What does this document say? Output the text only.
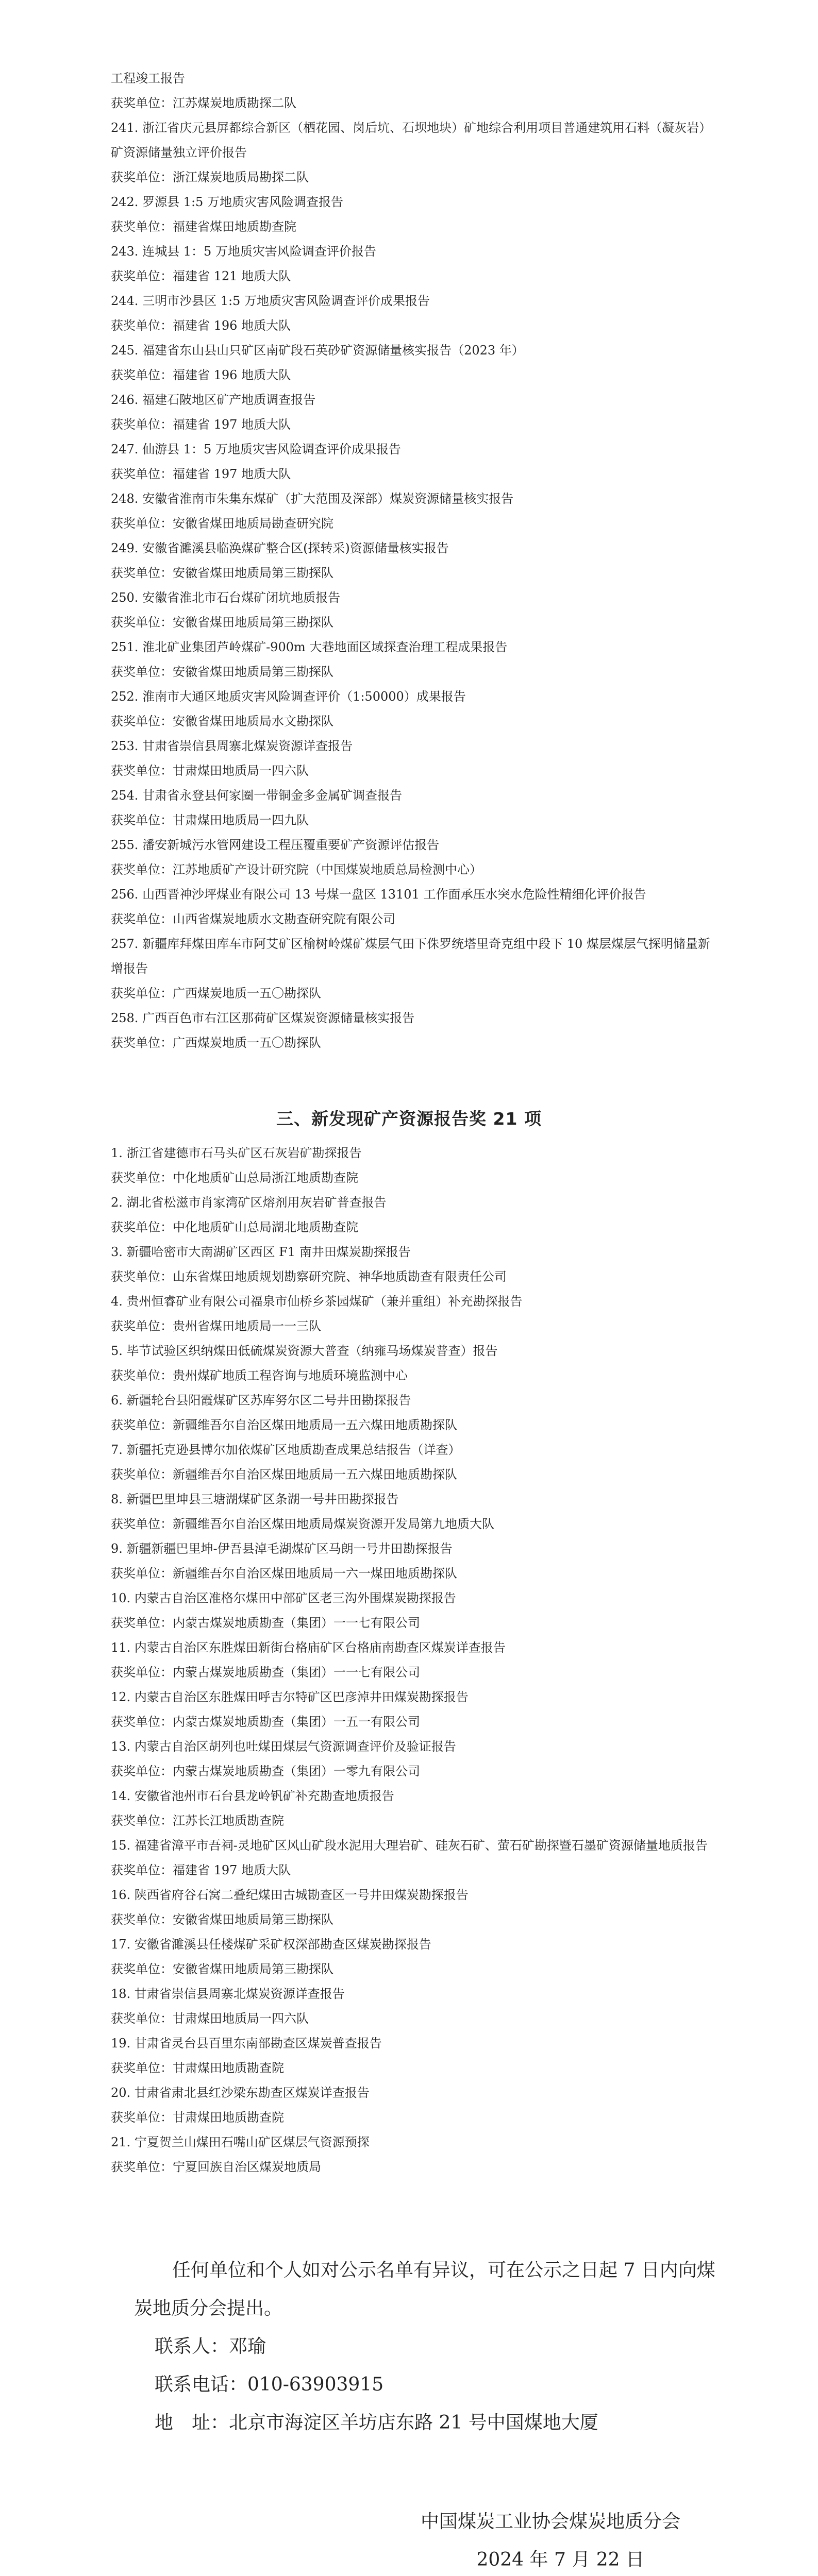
工程竣工报告
获奖单位：江苏煤炭地质勘探二队
241. 浙江省庆元县屏都综合新区（栖花园、岗后坑、石坝地块）矿地综合利用项目普通建筑用石料（凝灰岩）矿资源储量独立评价报告
获奖单位：浙江煤炭地质局勘探二队
242. 罗源县 1:5 万地质灾害风险调查报告
获奖单位：福建省煤田地质勘查院
243. 连城县 1：5 万地质灾害风险调查评价报告
获奖单位：福建省 121 地质大队
244. 三明市沙县区 1:5 万地质灾害风险调查评价成果报告
获奖单位：福建省 196 地质大队
245. 福建省东山县山只矿区南矿段石英砂矿资源储量核实报告（2023 年）
获奖单位：福建省 196 地质大队
246. 福建石陂地区矿产地质调查报告
获奖单位：福建省 197 地质大队
247. 仙游县 1：5 万地质灾害风险调查评价成果报告
获奖单位：福建省 197 地质大队
248. 安徽省淮南市朱集东煤矿（扩大范围及深部）煤炭资源储量核实报告
获奖单位：安徽省煤田地质局勘查研究院
249. 安徽省濉溪县临涣煤矿整合区(探转采)资源储量核实报告
获奖单位：安徽省煤田地质局第三勘探队
250. 安徽省淮北市石台煤矿闭坑地质报告
获奖单位：安徽省煤田地质局第三勘探队
251. 淮北矿业集团芦岭煤矿-900m 大巷地面区域探查治理工程成果报告
获奖单位：安徽省煤田地质局第三勘探队
252. 淮南市大通区地质灾害风险调查评价（1:50000）成果报告
获奖单位：安徽省煤田地质局水文勘探队
253. 甘肃省崇信县周寨北煤炭资源详查报告
获奖单位：甘肃煤田地质局一四六队
254. 甘肃省永登县何家圈一带铜金多金属矿调查报告
获奖单位：甘肃煤田地质局一四九队
255. 潘安新城污水管网建设工程压覆重要矿产资源评估报告
获奖单位：江苏地质矿产设计研究院（中国煤炭地质总局检测中心）
256. 山西晋神沙坪煤业有限公司 13 号煤一盘区 13101 工作面承压水突水危险性精细化评价报告
获奖单位：山西省煤炭地质水文勘查研究院有限公司
257. 新疆库拜煤田库车市阿艾矿区榆树岭煤矿煤层气田下侏罗统塔里奇克组中段下 10 煤层煤层气探明储量新增报告
获奖单位：广西煤炭地质一五〇勘探队
258. 广西百色市右江区那荷矿区煤炭资源储量核实报告
获奖单位：广西煤炭地质一五〇勘探队
三、新发现矿产资源报告奖 21 项
1. 浙江省建德市石马头矿区石灰岩矿勘探报告
获奖单位：中化地质矿山总局浙江地质勘查院
2. 湖北省松滋市肖家湾矿区熔剂用灰岩矿普查报告
获奖单位：中化地质矿山总局湖北地质勘查院
3. 新疆哈密市大南湖矿区西区 F1 南井田煤炭勘探报告
获奖单位：山东省煤田地质规划勘察研究院、神华地质勘查有限责任公司
4. 贵州恒睿矿业有限公司福泉市仙桥乡茶园煤矿（兼并重组）补充勘探报告
获奖单位：贵州省煤田地质局一一三队
5. 毕节试验区织纳煤田低硫煤炭资源大普查（纳雍马场煤炭普查）报告
获奖单位：贵州煤矿地质工程咨询与地质环境监测中心
6. 新疆轮台县阳霞煤矿区苏库努尔区二号井田勘探报告
获奖单位：新疆维吾尔自治区煤田地质局一五六煤田地质勘探队
7. 新疆托克逊县博尔加依煤矿区地质勘查成果总结报告（详查）
获奖单位：新疆维吾尔自治区煤田地质局一五六煤田地质勘探队
8. 新疆巴里坤县三塘湖煤矿区条湖一号井田勘探报告
获奖单位：新疆维吾尔自治区煤田地质局煤炭资源开发局第九地质大队
9. 新疆新疆巴里坤-伊吾县淖毛湖煤矿区马朗一号井田勘探报告
获奖单位：新疆维吾尔自治区煤田地质局一六一煤田地质勘探队
10. 内蒙古自治区准格尔煤田中部矿区老三沟外围煤炭勘探报告
获奖单位：内蒙古煤炭地质勘查（集团）一一七有限公司
11. 内蒙古自治区东胜煤田新街台格庙矿区台格庙南勘查区煤炭详查报告
获奖单位：内蒙古煤炭地质勘查（集团）一一七有限公司
12. 内蒙古自治区东胜煤田呼吉尔特矿区巴彦淖井田煤炭勘探报告
获奖单位：内蒙古煤炭地质勘查（集团）一五一有限公司
13. 内蒙古自治区胡列也吐煤田煤层气资源调查评价及验证报告
获奖单位：内蒙古煤炭地质勘查（集团）一零九有限公司
14. 安徽省池州市石台县龙岭钒矿补充勘查地质报告
获奖单位：江苏长江地质勘查院
15. 福建省漳平市吾祠-灵地矿区风山矿段水泥用大理岩矿、硅灰石矿、萤石矿勘探暨石墨矿资源储量地质报告
获奖单位：福建省 197 地质大队
16. 陕西省府谷石窝二叠纪煤田古城勘查区一号井田煤炭勘探报告
获奖单位：安徽省煤田地质局第三勘探队
17. 安徽省濉溪县任楼煤矿采矿权深部勘查区煤炭勘探报告
获奖单位：安徽省煤田地质局第三勘探队
18. 甘肃省崇信县周寨北煤炭资源详查报告
获奖单位：甘肃煤田地质局一四六队
19. 甘肃省灵台县百里东南部勘查区煤炭普查报告
获奖单位：甘肃煤田地质勘查院
20. 甘肃省肃北县红沙梁东勘查区煤炭详查报告
获奖单位：甘肃煤田地质勘查院
21. 宁夏贺兰山煤田石嘴山矿区煤层气资源预探
获奖单位：宁夏回族自治区煤炭地质局
任何单位和个人如对公示名单有异议，可在公示之日起 7 日内向煤炭地质分会提出。
联系人：邓瑜
联系电话：010-63903915
地　址：北京市海淀区羊坊店东路 21 号中国煤地大厦
中国煤炭工业协会煤炭地质分会
2024 年 7 月 22 日
